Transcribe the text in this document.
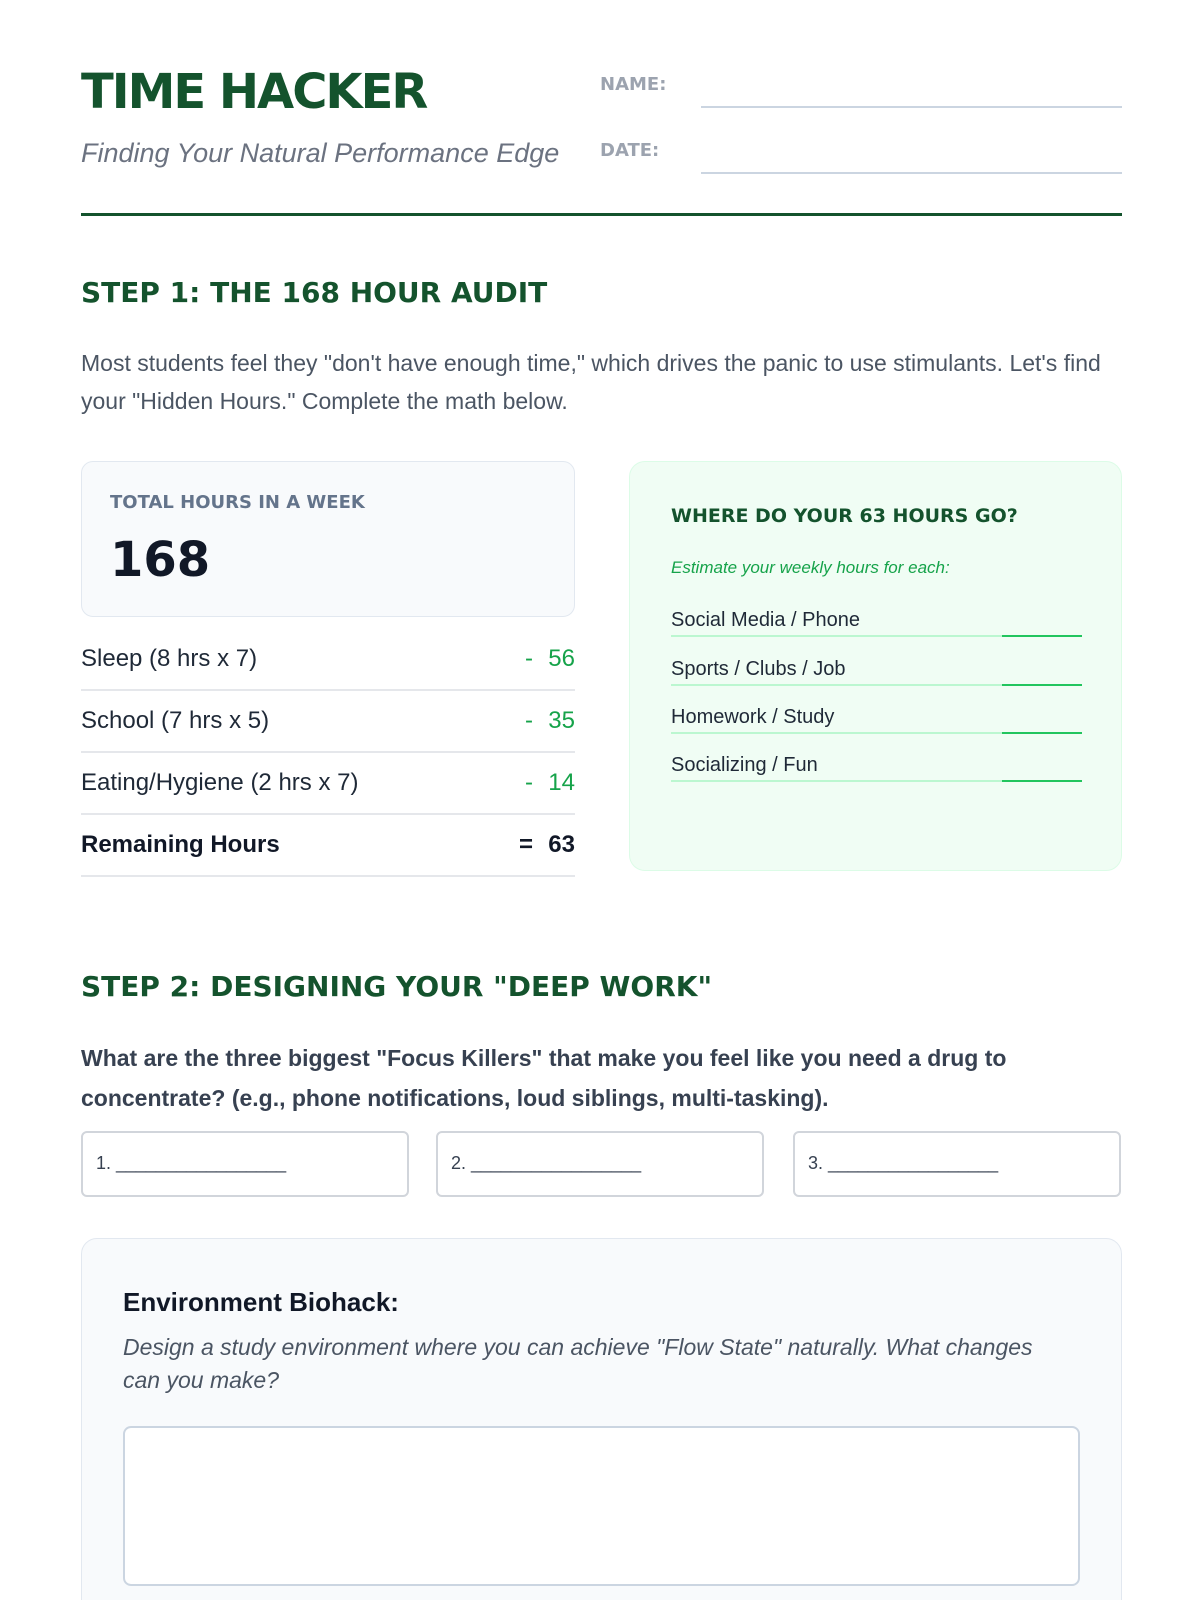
TIME HACKER
Finding Your Natural Performance Edge
NAME:
DATE:
STEP 1: THE 168 HOUR AUDIT
Most students feel they "don't have enough time," which drives the panic to use stimulants. Let's find your "Hidden Hours." Complete the math below.
TOTAL HOURS IN A WEEK
168
Sleep (8 hrs x 7)	- 56
School (7 hrs x 5)	- 35
Eating/Hygiene (2 hrs x 7)	- 14
Remaining Hours	= 63
WHERE DO YOUR 63 HOURS GO?
Estimate your weekly hours for each:
Social Media / Phone
Sports / Clubs / Job
Homework / Study
Socializing / Fun
STEP 2: DESIGNING YOUR "DEEP WORK"
What are the three biggest "Focus Killers" that make you feel like you need a drug to concentrate? (e.g., phone notifications, loud siblings, multi-tasking).
1. _________________	2. _________________	3. _________________
Environment Biohack:
Design a study environment where you can achieve "Flow State" naturally. What changes can you make?
